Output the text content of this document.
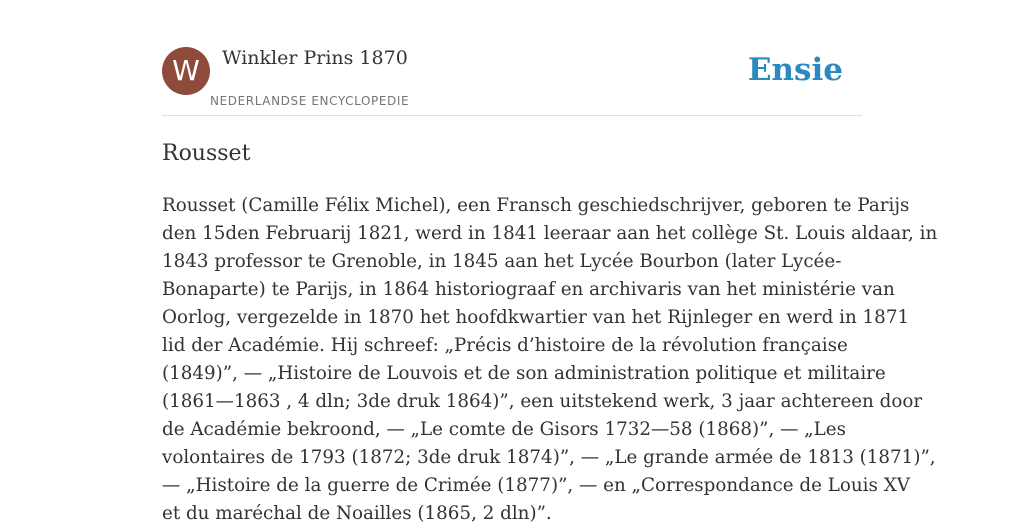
W	Winkler Prins 1870
NEDERLANDSE ENCYCLOPEDIE
Ensie
Rousset
Rousset (Camille Félix Michel), een Fransch geschiedschrijver, geboren te Parijs
den 15den Februarij 1821, werd in 1841 leeraar aan het collège St. Louis aldaar, in
1843 professor te Grenoble, in 1845 aan het Lycée Bourbon (later Lycée-
Bonaparte) te Parijs, in 1864 historiograaf en archivaris van het ministérie van
Oorlog, vergezelde in 1870 het hoofdkwartier van het Rijnleger en werd in 1871
lid der Académie. Hij schreef: „Précis d’histoire de la révolution française
(1849)”, — „Histoire de Louvois et de son administration politique et militaire
(1861—1863 , 4 dln; 3de druk 1864)”, een uitstekend werk, 3 jaar achtereen door
de Académie bekroond, — „Le comte de Gisors 1732—58 (1868)”, — „Les
volontaires de 1793 (1872; 3de druk 1874)”, — „Le grande armée de 1813 (1871)”,
— „Histoire de la guerre de Crimée (1877)”, — en „Correspondance de Louis XV
et du maréchal de Noailles (1865, 2 dln)”.
